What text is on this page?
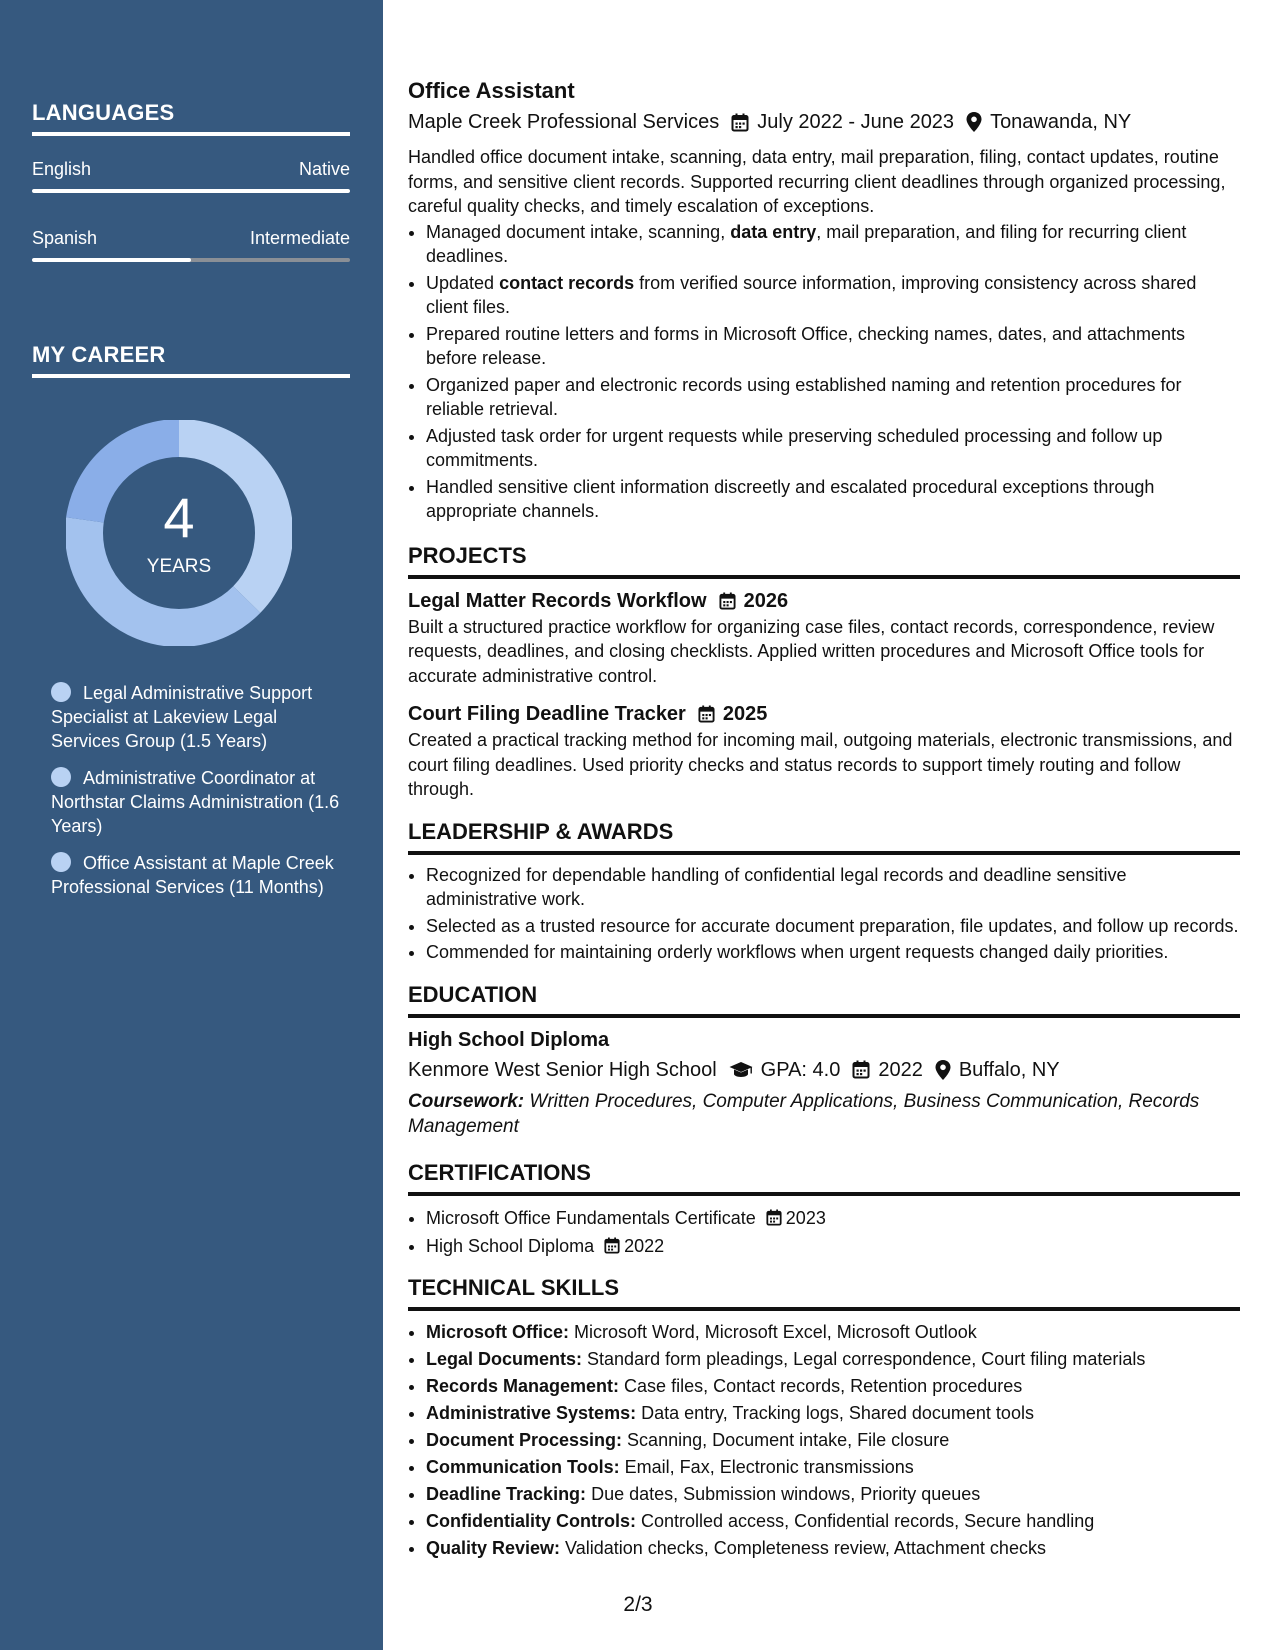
LANGUAGES
English	Native
Spanish	Intermediate
MY CAREER
4
YEARS
Legal Administrative Support Specialist at Lakeview Legal Services Group (1.5 Years)
Administrative Coordinator at Northstar Claims Administration (1.6 Years)
Office Assistant at Maple Creek Professional Services (11 Months)
Office Assistant
Maple Creek Professional Services July 2022 - June 2023 Tonawanda, NY

Handled office document intake, scanning, data entry, mail preparation, filing, contact updates, routine forms, and sensitive client records. Supported recurring client deadlines through organized processing, careful quality checks, and timely escalation of exceptions.

• Managed document intake, scanning, data entry, mail preparation, and filing for recurring client deadlines.
• Updated contact records from verified source information, improving consistency across shared client files.
• Prepared routine letters and forms in Microsoft Office, checking names, dates, and attachments before release.
• Organized paper and electronic records using established naming and retention procedures for reliable retrieval.
• Adjusted task order for urgent requests while preserving scheduled processing and follow up commitments.
• Handled sensitive client information discreetly and escalated procedural exceptions through appropriate channels.
PROJECTS
Legal Matter Records Workflow 2026

Built a structured practice workflow for organizing case files, contact records, correspondence, review requests, deadlines, and closing checklists. Applied written procedures and Microsoft Office tools for accurate administrative control.

Court Filing Deadline Tracker 2025

Created a practical tracking method for incoming mail, outgoing materials, electronic transmissions, and court filing deadlines. Used priority checks and status records to support timely routing and follow through.

LEADERSHIP & AWARDS
• Recognized for dependable handling of confidential legal records and deadline sensitive administrative work.
• Selected as a trusted resource for accurate document preparation, file updates, and follow up records.
• Commended for maintaining orderly workflows when urgent requests changed daily priorities.
EDUCATION
High School Diploma
Kenmore West Senior High School GPA: 4.0 2022 Buffalo, NY

Coursework: Written Procedures, Computer Applications, Business Communication, Records Management

CERTIFICATIONS
• Microsoft Office Fundamentals Certificate 2023
• High School Diploma 2022
TECHNICAL SKILLS
• Microsoft Office: Microsoft Word, Microsoft Excel, Microsoft Outlook
• Legal Documents: Standard form pleadings, Legal correspondence, Court filing materials
• Records Management: Case files, Contact records, Retention procedures
• Administrative Systems: Data entry, Tracking logs, Shared document tools
• Document Processing: Scanning, Document intake, File closure
• Communication Tools: Email, Fax, Electronic transmissions
• Deadline Tracking: Due dates, Submission windows, Priority queues
• Confidentiality Controls: Controlled access, Confidential records, Secure handling
• Quality Review: Validation checks, Completeness review, Attachment checks
2/3
